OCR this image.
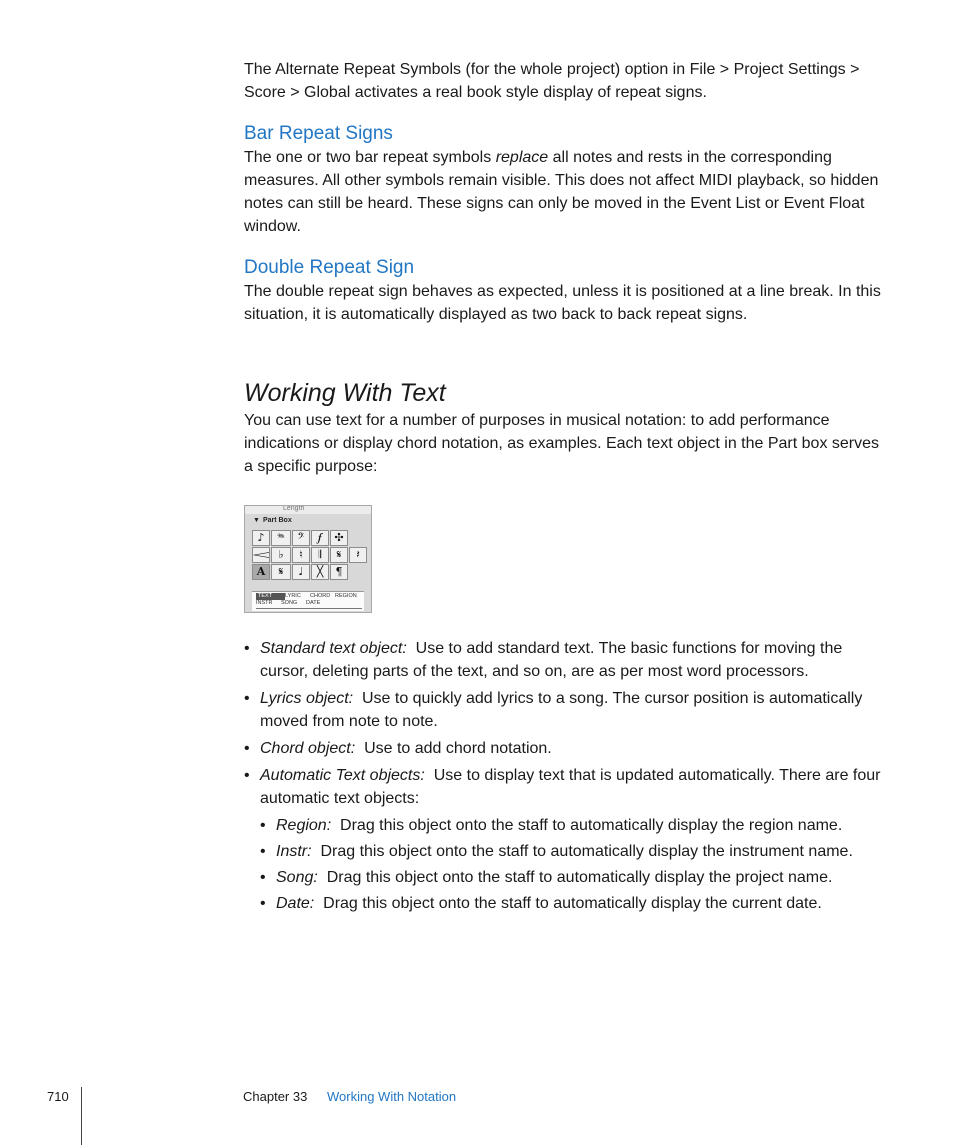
The Alternate Repeat Symbols (for the whole project) option in File > Project Settings > Score > Global activates a real book style display of repeat signs.

Bar Repeat Signs

The one or two bar repeat symbols replace all notes and rests in the corresponding measures. All other symbols remain visible. This does not affect MIDI playback, so hidden notes can still be heard. These signs can only be moved in the Event List or Event Float window.

Double Repeat Sign

The double repeat sign behaves as expected, unless it is positioned at a line break. In this situation, it is automatically displayed as two back to back repeat signs.

Working With Text

You can use text for a number of purposes in musical notation: to add performance indications or display chord notation, as examples. Each text object in the Part box serves a specific purpose:

Length
▼ Part Box
♪	𝆮	𝄢	𝆑	✣
𝆒 ♭	♮	𝄂	𝄋	𝄽
A	𝄋	♩	╳	¶
TEXT LYRIC CHORD REGION
INSTR SONG DATE
• Standard text object: Use to add standard text. The basic functions for moving the cursor, deleting parts of the text, and so on, are as per most word processors.
• Lyrics object: Use to quickly add lyrics to a song. The cursor position is automatically moved from note to note.
• Chord object: Use to add chord notation.
• Automatic Text objects: Use to display text that is updated automatically. There are four automatic text objects:
• Region: Drag this object onto the staff to automatically display the region name.
• Instr: Drag this object onto the staff to automatically display the instrument name.
• Song: Drag this object onto the staff to automatically display the project name.
• Date: Drag this object onto the staff to automatically display the current date.
710	Chapter 33 Working With Notation
